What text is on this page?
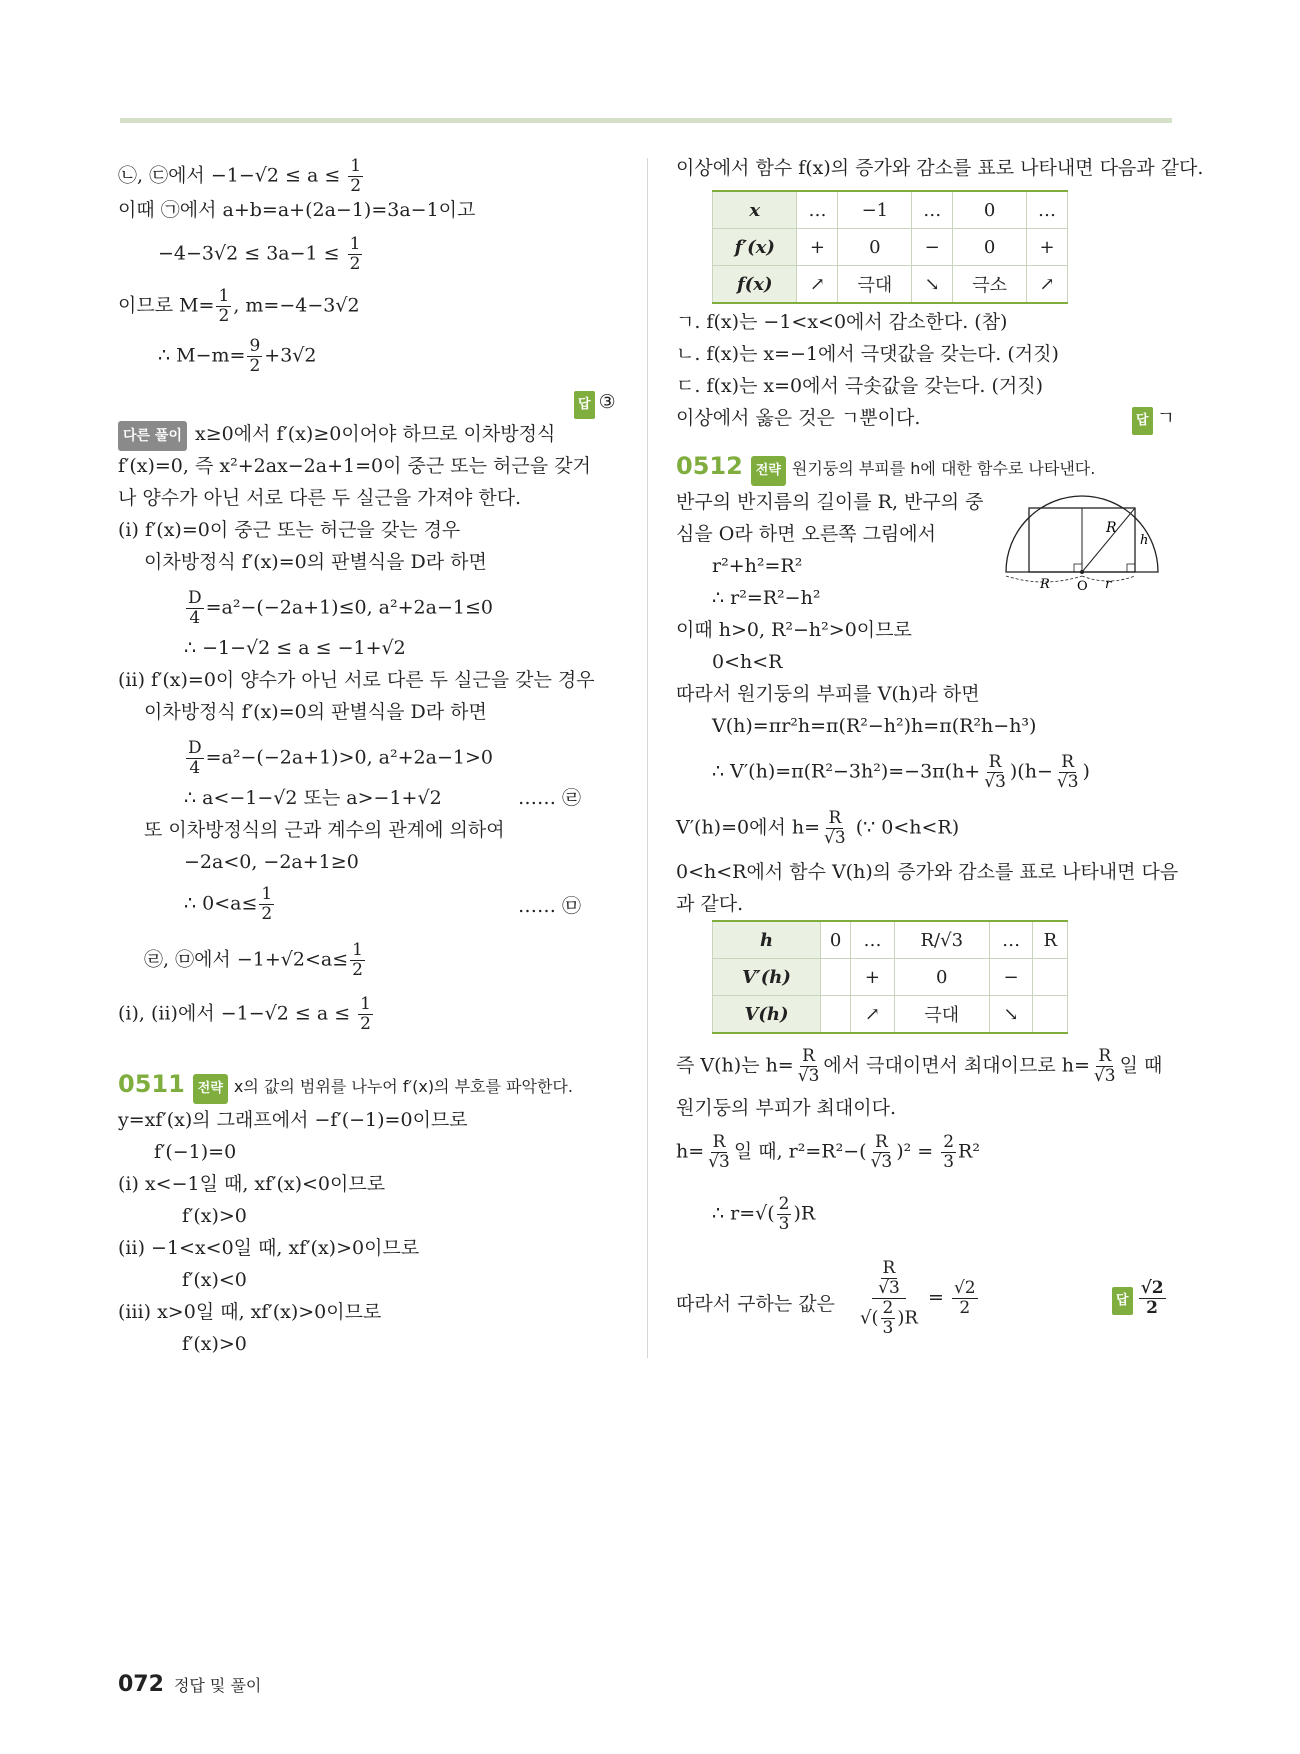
㉡, ㉢에서 $-1-√2 \le a \le \frac{1}{2}$
이때 ㉠에서 a+b=a+(2a−1)=3a−1이고
$-4-3√2 \le 3a-1 \le \frac{1}{2}$
이므로 $M= \frac{1}{2}$ , m=−4−3√2
∴ $M-m= \frac{9}{2} +3√2$
답 ③
다른 풀이 x≥0에서 f′(x)≥0이어야 하므로 이차방정식
f′(x)=0, 즉 x²+2ax−2a+1=0이 중근 또는 허근을 갖거
나 양수가 아닌 서로 다른 두 실근을 가져야 한다.
(ⅰ) f′(x)=0이 중근 또는 허근을 갖는 경우
이차방정식 f′(x)=0의 판별식을 D라 하면
$\frac{D}{4} =a^2-(-2a+1)\le 0$, a²+2a−1≤0
∴ −1−√2 ≤ a ≤ −1+√2
(ⅱ) f′(x)=0이 양수가 아닌 서로 다른 두 실근을 갖는 경우
이차방정식 f′(x)=0의 판별식을 D라 하면
$\frac{D}{4} =a^2-(-2a+1)>0$, a²+2a−1>0
∴ a<−1−√2 또는 a>−1+√2	…… ㉣
또 이차방정식의 근과 계수의 관계에 의하여
−2a<0, −2a+1≥0
∴ $0<a\le \frac{1}{2}$	…… ㉤
㉣, ㉤에서 $-1+√2<a\le \frac{1}{2}$
(ⅰ), (ⅱ)에서 $-1-√2 \le a \le \frac{1}{2}$
0511 전략 x의 값의 범위를 나누어 f′(x)의 부호를 파악한다.
y=xf′(x)의 그래프에서 −f′(−1)=0이므로
f′(−1)=0
(ⅰ) x<−1일 때, xf′(x)<0이므로
f′(x)>0
(ⅱ) −1<x<0일 때, xf′(x)>0이므로
f′(x)<0
(ⅲ) x>0일 때, xf′(x)>0이므로
f′(x)>0
이상에서 함수 f(x)의 증가와 감소를 표로 나타내면 다음과 같다.
x	…	−1	…	0	…
f′(x)	+	0	−	0	+
f(x)	↗	극대	↘	극소	↗
ㄱ. f(x)는 −1<x<0에서 감소한다. (참)
ㄴ. f(x)는 x=−1에서 극댓값을 갖는다. (거짓)
ㄷ. f(x)는 x=0에서 극솟값을 갖는다. (거짓)
이상에서 옳은 것은 ㄱ뿐이다.	답 ㄱ
0512 전략 원기둥의 부피를 h에 대한 함수로 나타낸다.
반구의 반지름의 길이를 R, 반구의 중
심을 O라 하면 오른쪽 그림에서
r²+h²=R²
∴ r²=R²−h²
이때 h>0, R²−h²>0이므로
0<h<R
따라서 원기둥의 부피를 V(h)라 하면
V(h)=πr²h=π(R²−h²)h=π(R²h−h³)
∴ $V'(h)=\pi(R^2-3h^2)=-3\pi(h+ \frac{R}{√3} )(h- \frac{R}{√3}$ )
V′(h)=0에서 $h= \frac{R}{√3}$ (∵ 0<h<R)
0<h<R에서 함수 V(h)의 증가와 감소를 표로 나타내면 다음
과 같다.
h	0	…	R/√3	…	R
V′(h)		+	0	−	
V(h)		↗	극대	↘	
즉 V(h)는 $h= \frac{R}{√3}$ 에서 극대이면서 최대이므로 $h= \frac{R}{√3}$ 일 때
원기둥의 부피가 최대이다.
$h= \frac{R}{√3}$ 일 때, $r^2=R^2-( \frac{R}{√3} )^2 = \frac{2}{3} R^2$
∴ $r=√( \frac{2}{3} )R$
따라서 구하는 값은 $\frac{\frac{R}{√3}}{√( \frac{2}{3} )R} = \frac{√2}{2}$	답 $\frac{√2}{2}$
R
h
R O r
072 정답 및 풀이
